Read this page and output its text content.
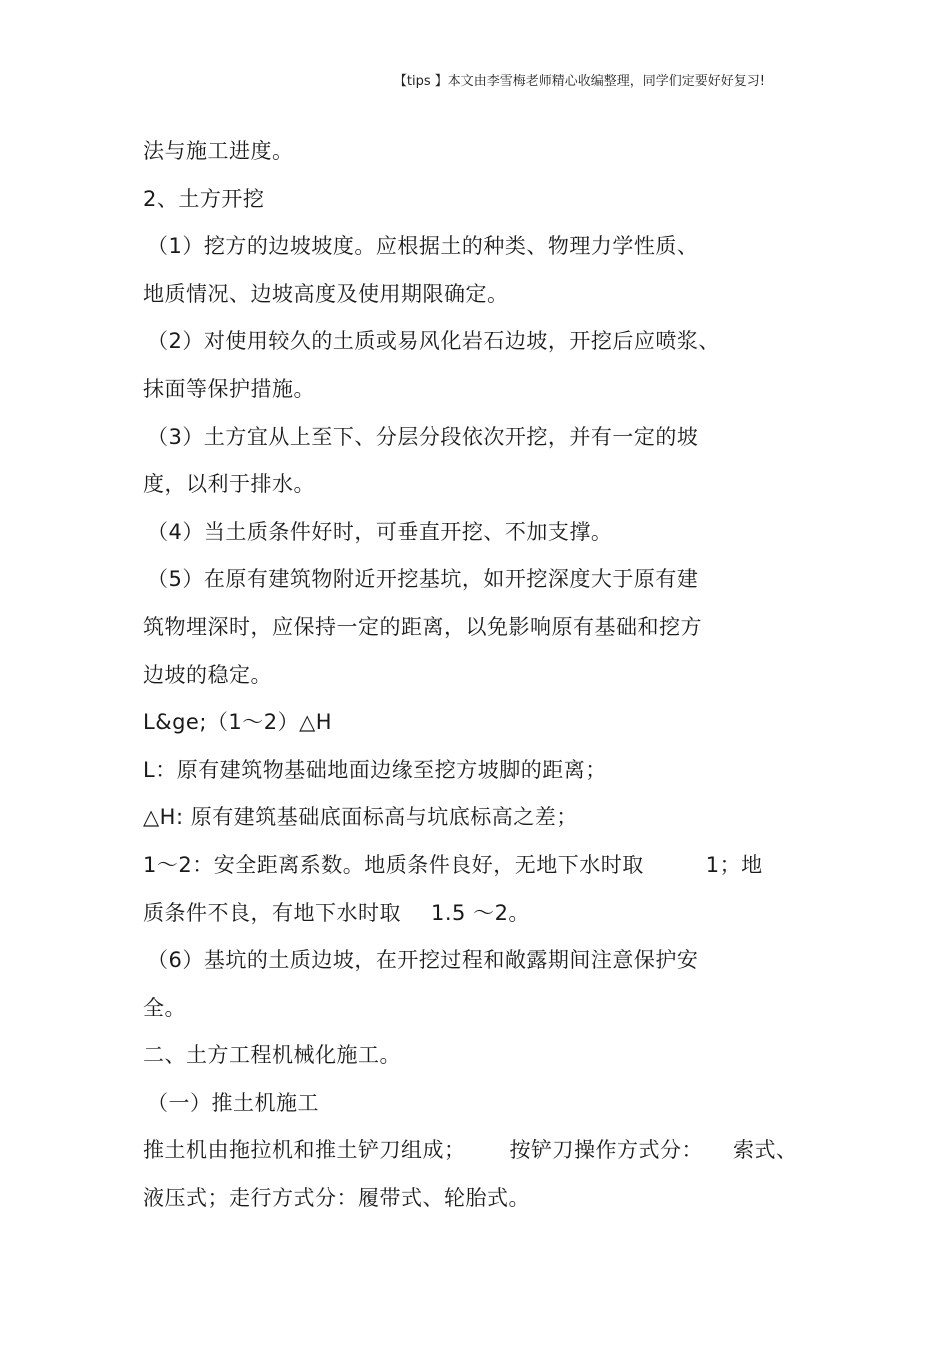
【tips 】本文由李雪梅老师精心收编整理，同学们定要好好复习!
法与施工进度。
2、土方开挖
（1）挖方的边坡坡度。应根据土的种类、物理力学性质、
地质情况、边坡高度及使用期限确定。
（2）对使用较久的土质或易风化岩石边坡，开挖后应喷浆、
抹面等保护措施。
（3）土方宜从上至下、分层分段依次开挖，并有一定的坡
度，以利于排水。
（4）当土质条件好时，可垂直开挖、不加支撑。
（5）在原有建筑物附近开挖基坑，如开挖深度大于原有建
筑物埋深时，应保持一定的距离，以免影响原有基础和挖方
边坡的稳定。
L&ge;（1～2）△H
L：原有建筑物基础地面边缘至挖方坡脚的距离；
△H: 原有建筑基础底面标高与坑底标高之差；
1～2：安全距离系数。地质条件良好，无地下水时取	1；地
质条件不良，有地下水时取 1.5 ～2。
（6）基坑的土质边坡，在开挖过程和敞露期间注意保护安
全。
二、土方工程机械化施工。
（一）推土机施工
推土机由拖拉机和推土铲刀组成； 按铲刀操作方式分： 索式、
液压式；走行方式分：履带式、轮胎式。
